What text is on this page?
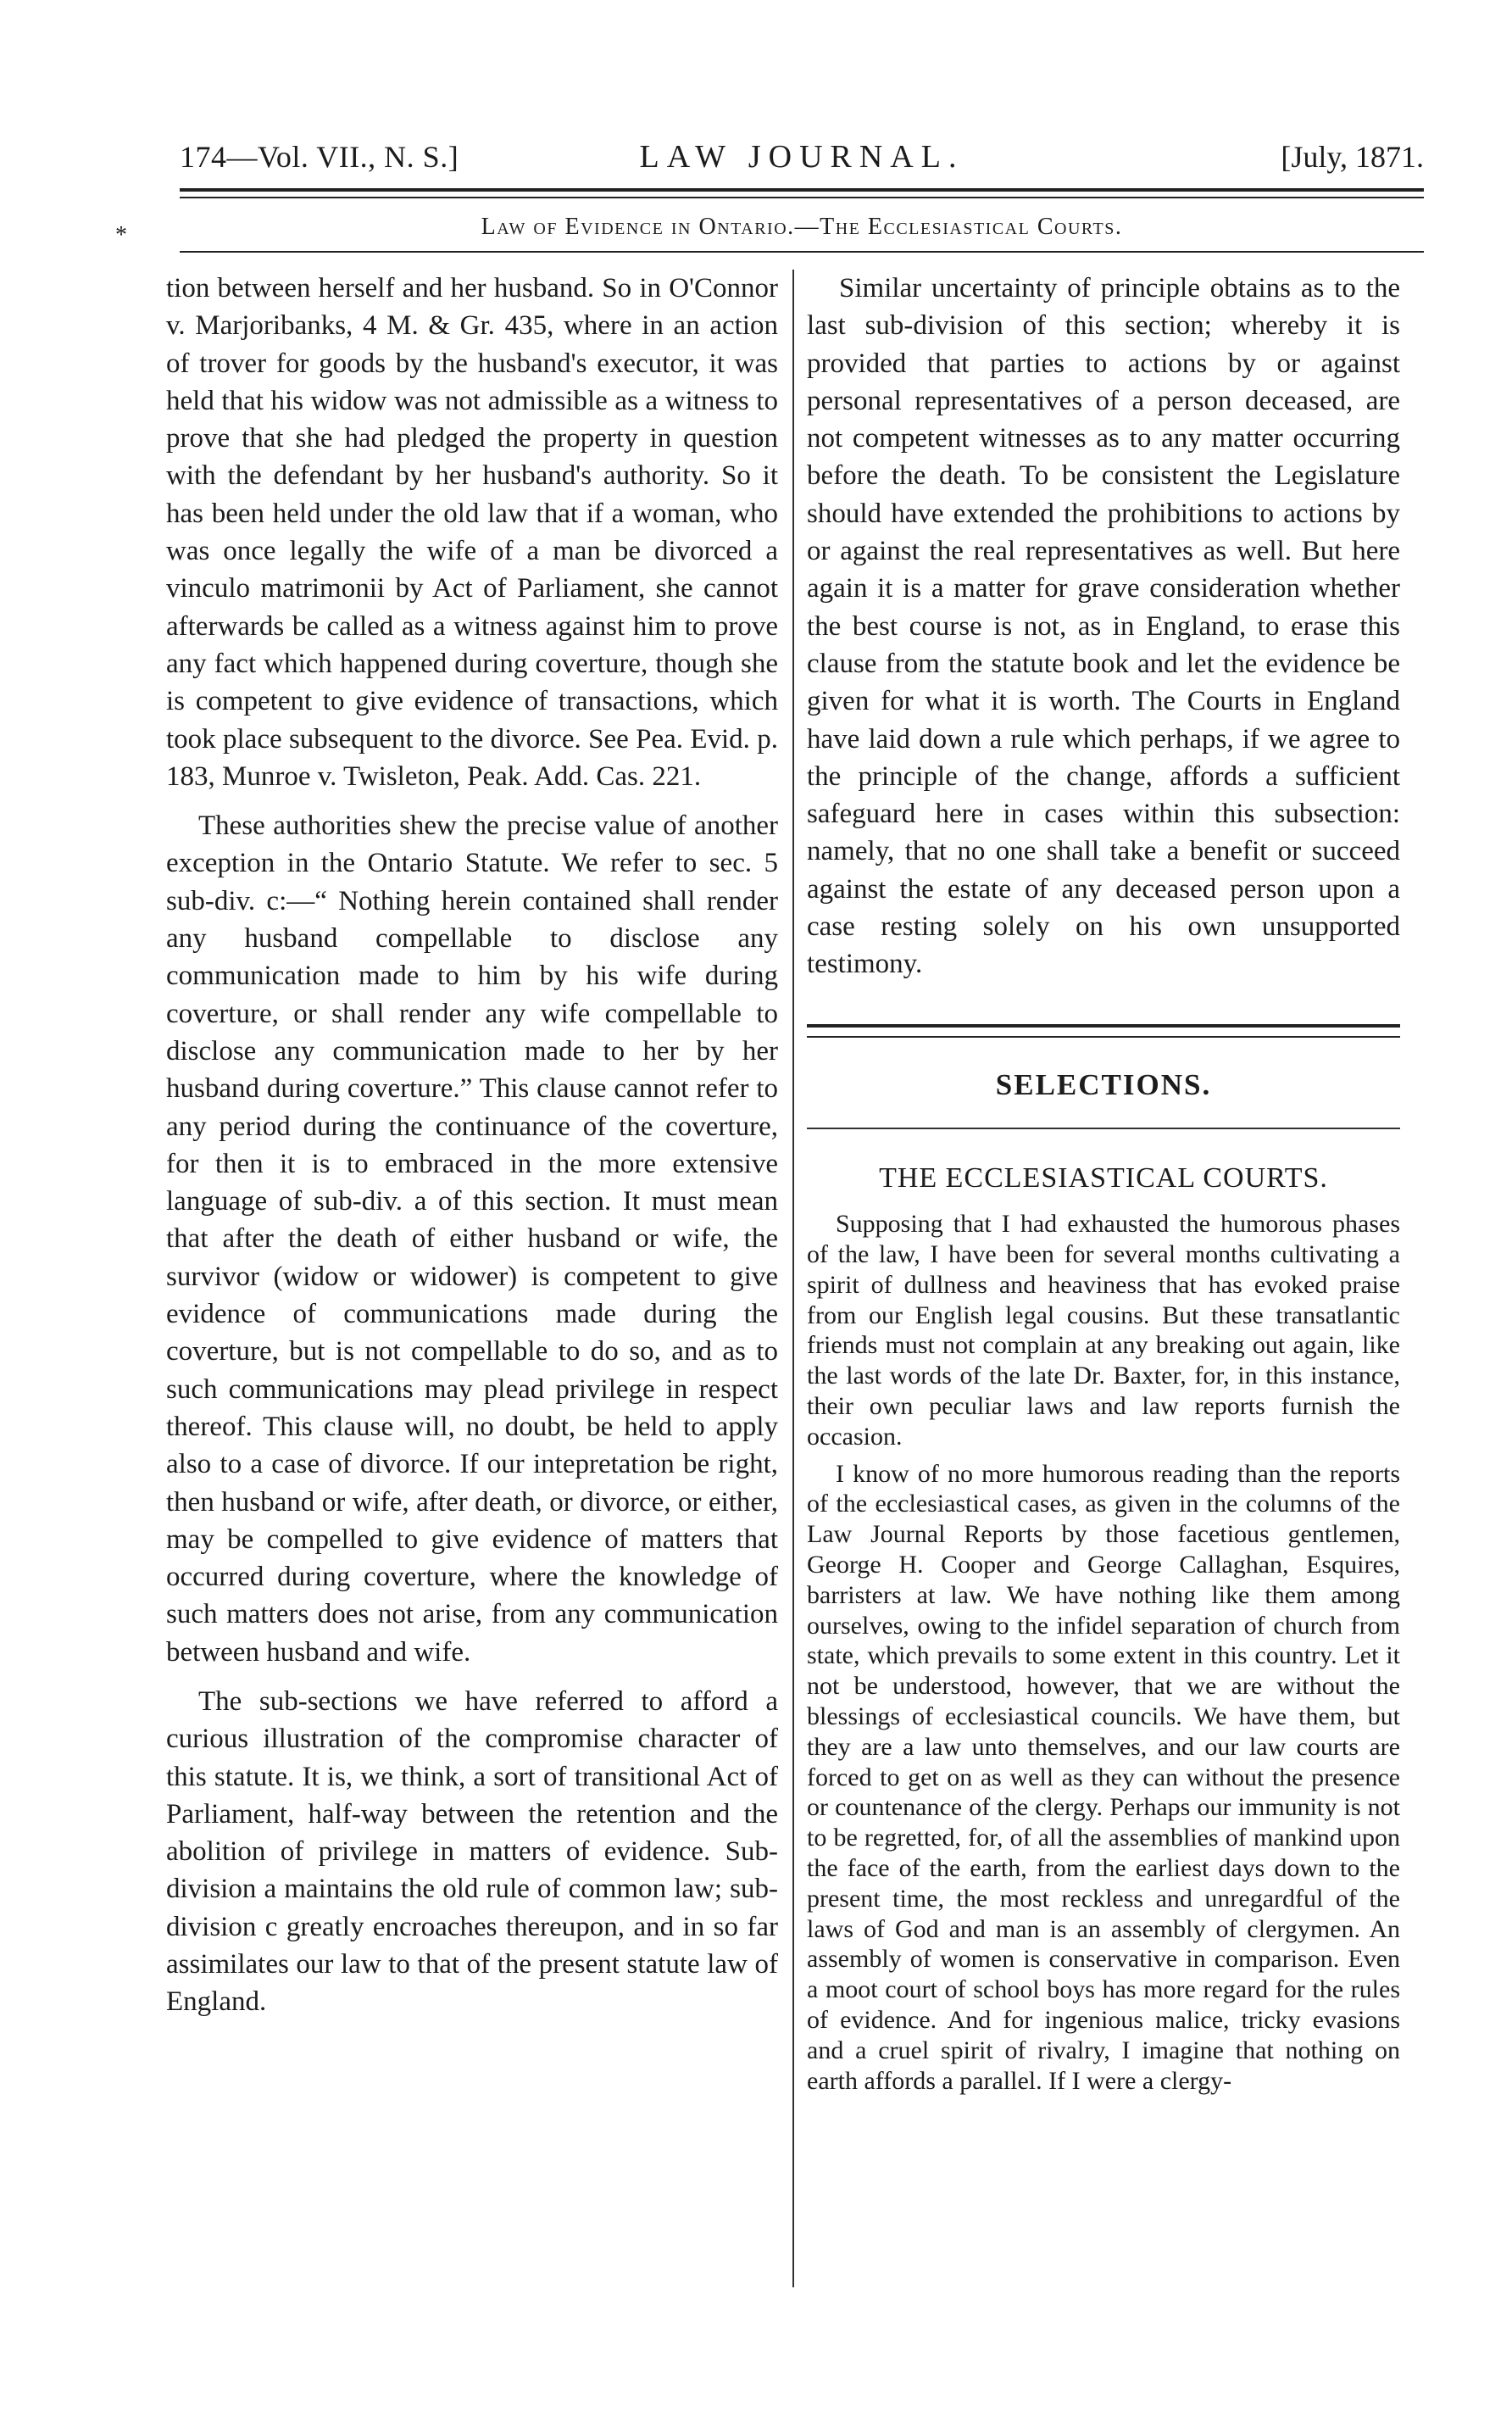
174—Vol. VII., N. S.]	LAW JOURNAL.	[July, 1871.
*	Law of Evidence in Ontario.—The Ecclesiastical Courts.

tion between herself and her husband. So in O'Connor v. Marjoribanks, 4 M. & Gr. 435, where in an action of trover for goods by the husband's executor, it was held that his widow was not admissible as a witness to prove that she had pledged the property in question with the defendant by her husband's authority. So it has been held under the old law that if a woman, who was once legally the wife of a man be divorced a vinculo matrimonii by Act of Parliament, she cannot afterwards be called as a witness against him to prove any fact which happened during coverture, though she is competent to give evidence of transactions, which took place subsequent to the divorce. See Pea. Evid. p. 183, Munroe v. Twisleton, Peak. Add. Cas. 221.

These authorities shew the precise value of another exception in the Ontario Statute. We refer to sec. 5 sub-div. c:—“ Nothing herein contained shall render any husband compellable to disclose any communication made to him by his wife during coverture, or shall render any wife compellable to disclose any communication made to her by her husband during coverture.” This clause cannot refer to any period during the continuance of the coverture, for then it is to embraced in the more extensive language of sub-div. a of this section. It must mean that after the death of either husband or wife, the survivor (widow or widower) is competent to give evidence of communications made during the coverture, but is not compellable to do so, and as to such communications may plead privilege in respect thereof. This clause will, no doubt, be held to apply also to a case of divorce. If our intepretation be right, then husband or wife, after death, or divorce, or either, may be compelled to give evidence of matters that occurred during coverture, where the knowledge of such matters does not arise, from any communication between husband and wife.

The sub-sections we have referred to afford a curious illustration of the compromise character of this statute. It is, we think, a sort of transitional Act of Parliament, half-way between the retention and the abolition of privilege in matters of evidence. Sub-division a maintains the old rule of common law; sub-division c greatly encroaches thereupon, and in so far assimilates our law to that of the present statute law of England.

Similar uncertainty of principle obtains as to the last sub-division of this section; whereby it is provided that parties to actions by or against personal representatives of a person deceased, are not competent witnesses as to any matter occurring before the death. To be consistent the Legislature should have extended the prohibitions to actions by or against the real representatives as well. But here again it is a matter for grave consideration whether the best course is not, as in England, to erase this clause from the statute book and let the evidence be given for what it is worth. The Courts in England have laid down a rule which perhaps, if we agree to the principle of the change, affords a sufficient safeguard here in cases within this subsection: namely, that no one shall take a benefit or succeed against the estate of any deceased person upon a case resting solely on his own unsupported testimony.

SELECTIONS.
THE ECCLESIASTICAL COURTS.

Supposing that I had exhausted the humorous phases of the law, I have been for several months cultivating a spirit of dullness and heaviness that has evoked praise from our English legal cousins. But these transatlantic friends must not complain at any breaking out again, like the last words of the late Dr. Baxter, for, in this instance, their own peculiar laws and law reports furnish the occasion.

I know of no more humorous reading than the reports of the ecclesiastical cases, as given in the columns of the Law Journal Reports by those facetious gentlemen, George H. Cooper and George Callaghan, Esquires, barristers at law. We have nothing like them among ourselves, owing to the infidel separation of church from state, which prevails to some extent in this country. Let it not be understood, however, that we are without the blessings of ecclesiastical councils. We have them, but they are a law unto themselves, and our law courts are forced to get on as well as they can without the presence or countenance of the clergy. Perhaps our immunity is not to be regretted, for, of all the assemblies of mankind upon the face of the earth, from the earliest days down to the present time, the most reckless and unregardful of the laws of God and man is an assembly of clergymen. An assembly of women is conservative in comparison. Even a moot court of school boys has more regard for the rules of evidence. And for ingenious malice, tricky evasions and a cruel spirit of rivalry, I imagine that nothing on earth affords a parallel. If I were a clergy-
